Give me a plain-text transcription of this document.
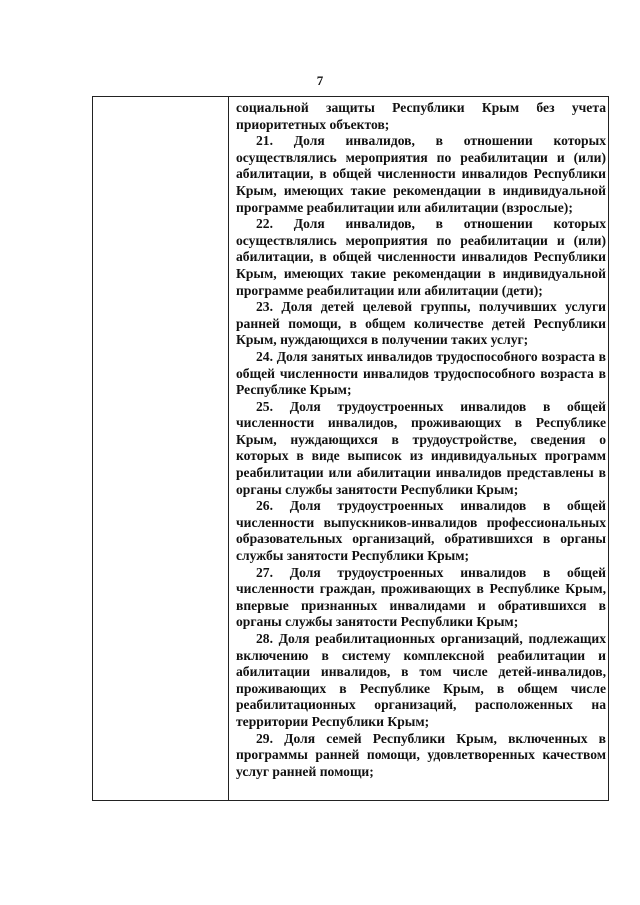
7

социальной защиты Республики Крым без учета приоритетных объектов;

21. Доля инвалидов, в отношении которых осуществлялись мероприятия по реабилитации и (или) абилитации, в общей численности инвалидов Республики Крым, имеющих такие рекомендации в индивидуальной программе реабилитации или абилитации (взрослые);

22. Доля инвалидов, в отношении которых осуществлялись мероприятия по реабилитации и (или) абилитации, в общей численности инвалидов Республики Крым, имеющих такие рекомендации в индивидуальной программе реабилитации или абилитации (дети);

23. Доля детей целевой группы, получивших услуги ранней помощи, в общем количестве детей Республики Крым, нуждающихся в получении таких услуг;

24. Доля занятых инвалидов трудоспособного возраста в общей численности инвалидов трудоспособного возраста в Республике Крым;

25. Доля трудоустроенных инвалидов в общей численности инвалидов, проживающих в Республике Крым, нуждающихся в трудоустройстве, сведения о которых в виде выписок из индивидуальных программ реабилитации или абилитации инвалидов представлены в органы службы занятости Республики Крым;

26. Доля трудоустроенных инвалидов в общей численности выпускников-инвалидов профессиональных образовательных организаций, обратившихся в органы службы занятости Республики Крым;

27. Доля трудоустроенных инвалидов в общей численности граждан, проживающих в Республике Крым, впервые признанных инвалидами и обратившихся в органы службы занятости Республики Крым;

28. Доля реабилитационных организаций, подлежащих включению в систему комплексной реабилитации и абилитации инвалидов, в том числе детей-инвалидов, проживающих в Республике Крым, в общем числе реабилитационных организаций, расположенных на территории Республики Крым;

29. Доля семей Республики Крым, включенных в программы ранней помощи, удовлетворенных качеством услуг ранней помощи;
